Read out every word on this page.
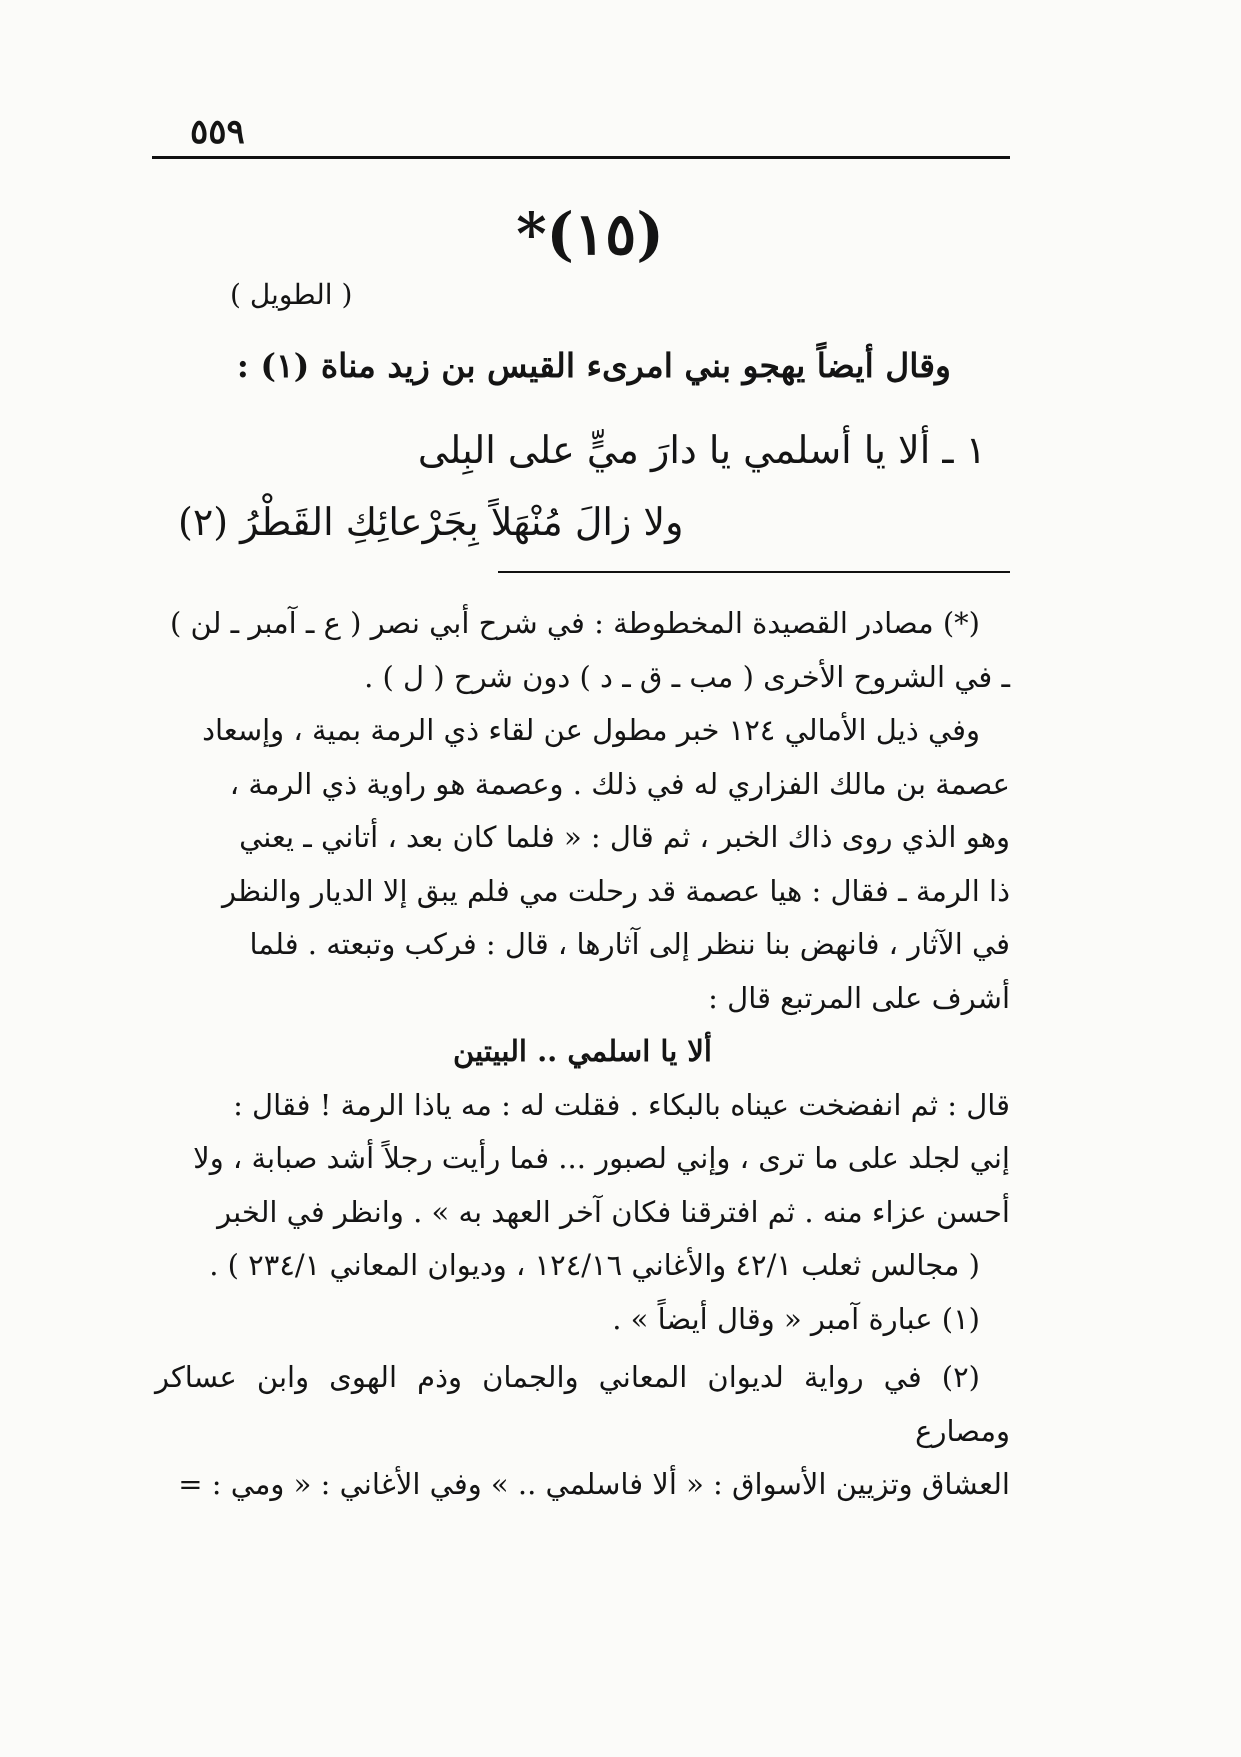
٥٥٩
(١٥)*
( الطويل )
وقال أيضاً يهجو بني امرىء القيس بن زيد مناة (١) :
١ ـ ألا يا أسلمي يا دارَ ميٍّ على البِلى
ولا زالَ مُنْهَلاً بِجَرْعائِكِ القَطْرُ (٢)

(*) مصادر القصيدة المخطوطة : في شرح أبي نصر ( ع ـ آمبر ـ لن )

ـ في الشروح الأخرى ( مب ـ ق ـ د ) دون شرح ( ل ) .

وفي ذيل الأمالي ١٢٤ خبر مطول عن لقاء ذي الرمة بمية ، وإسعاد

عصمة بن مالك الفزاري له في ذلك . وعصمة هو راوية ذي الرمة ،

وهو الذي روى ذاك الخبر ، ثم قال : « فلما كان بعد ، أتاني ـ يعني

ذا الرمة ـ فقال : هيا عصمة قد رحلت مي فلم يبق إلا الديار والنظر

في الآثار ، فانهض بنا ننظر إلى آثارها ، قال : فركب وتبعته . فلما

أشرف على المرتبع قال :

ألا يا اسلمي .. البيتين

قال : ثم انفضخت عيناه بالبكاء . فقلت له : مه ياذا الرمة ! فقال :

إني لجلد على ما ترى ، وإني لصبور ... فما رأيت رجلاً أشد صبابة ، ولا

أحسن عزاء منه . ثم افترقنا فكان آخر العهد به » . وانظر في الخبر

( مجالس ثعلب ٤٢/١ والأغاني ١٢٤/١٦ ، وديوان المعاني ٢٣٤/١ ) .

(١) عبارة آمبر « وقال أيضاً » .

(٢) في رواية لديوان المعاني والجمان وذم الهوى وابن عساكر ومصارع

العشاق وتزيين الأسواق : « ألا فاسلمي .. » وفي الأغاني : « ومي : =
